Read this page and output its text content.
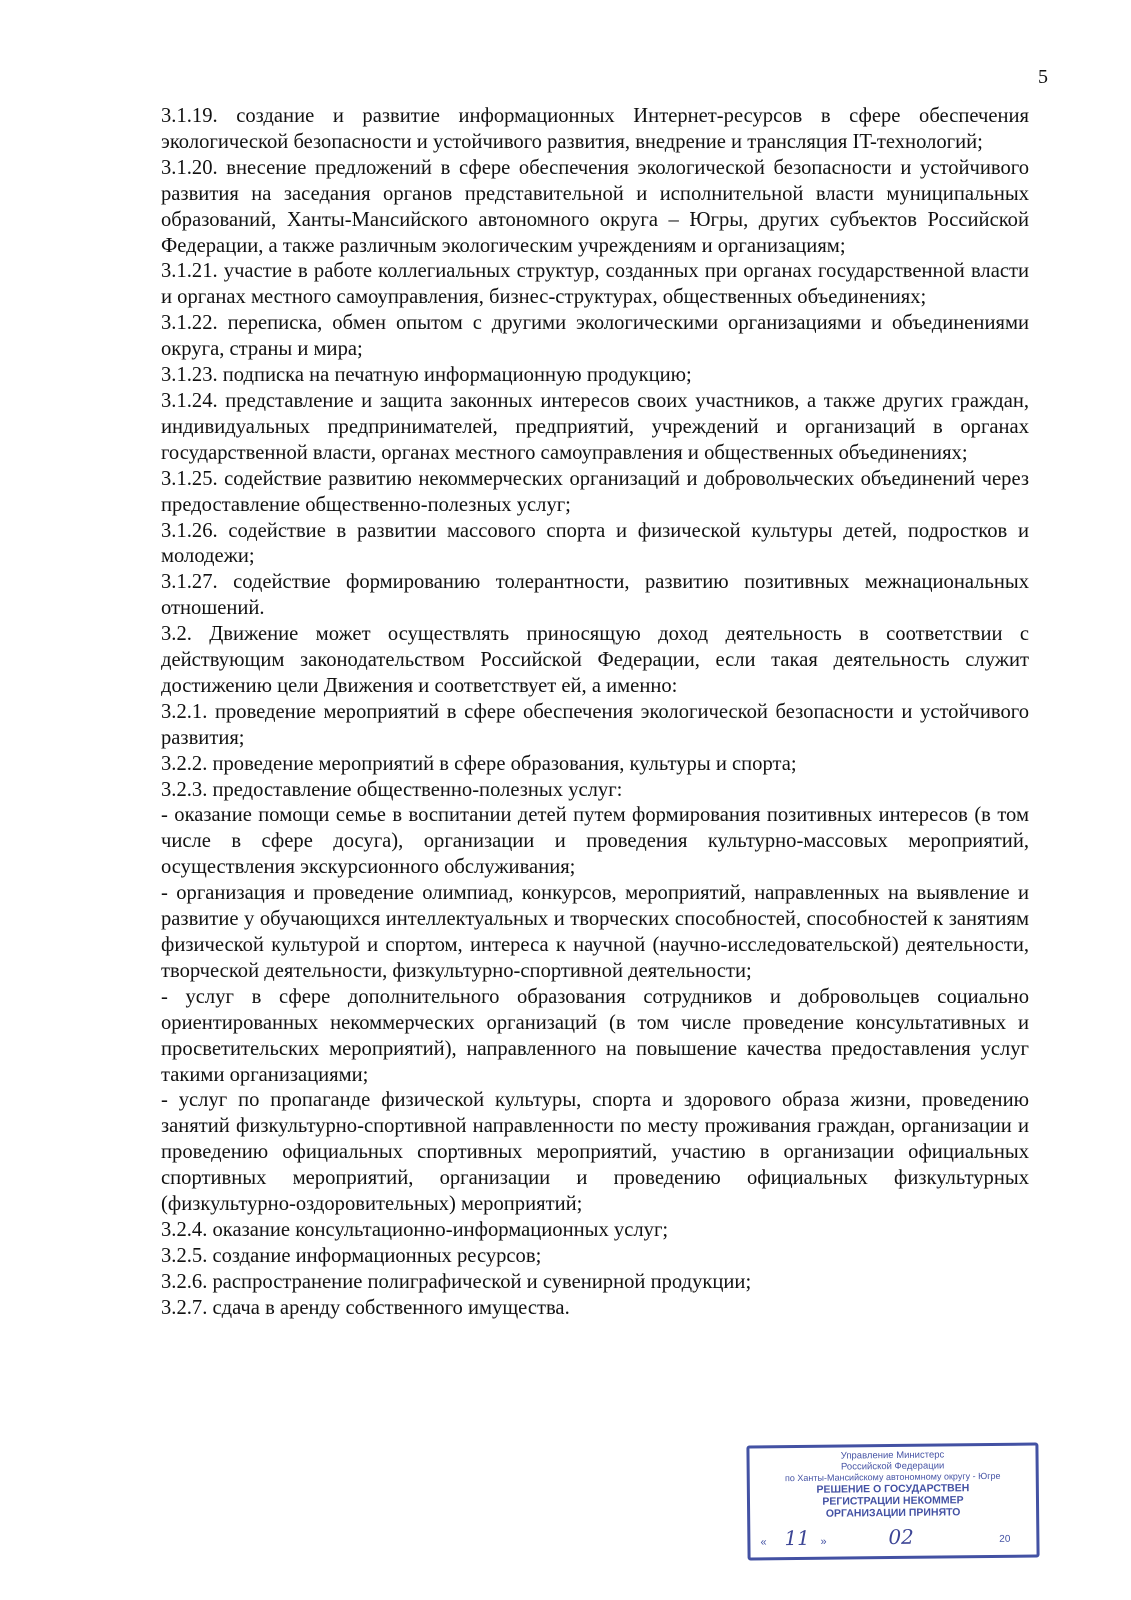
5

3.1.19. создание и развитие информационных Интернет-ресурсов в сфере обеспечения экологической безопасности и устойчивого развития, внедрение и трансляция IT-технологий;

3.1.20. внесение предложений в сфере обеспечения экологической безопасности и устойчивого развития на заседания органов представительной и исполнительной власти муниципальных образований, Ханты-Мансийского автономного округа – Югры, других субъектов Российской Федерации, а также различным экологическим учреждениям и организациям;

3.1.21. участие в работе коллегиальных структур, созданных при органах государственной власти и органах местного самоуправления, бизнес-структурах, общественных объединениях;

3.1.22. переписка, обмен опытом с другими экологическими организациями и объединениями округа, страны и мира;

3.1.23. подписка на печатную информационную продукцию;

3.1.24. представление и защита законных интересов своих участников, а также других граждан, индивидуальных предпринимателей, предприятий, учреждений и организаций в органах государственной власти, органах местного самоуправления и общественных объединениях;

3.1.25. содействие развитию некоммерческих организаций и добровольческих объединений через предоставление общественно-полезных услуг;

3.1.26. содействие в развитии массового спорта и физической культуры детей, подростков и молодежи;

3.1.27. содействие формированию толерантности, развитию позитивных межнациональных отношений.

3.2. Движение может осуществлять приносящую доход деятельность в соответствии с действующим законодательством Российской Федерации, если такая деятельность служит достижению цели Движения и соответствует ей, а именно:

3.2.1. проведение мероприятий в сфере обеспечения экологической безопасности и устойчивого развития;

3.2.2. проведение мероприятий в сфере образования, культуры и спорта;

3.2.3. предоставление общественно-полезных услуг:

- оказание помощи семье в воспитании детей путем формирования позитивных интересов (в том числе в сфере досуга), организации и проведения культурно-массовых мероприятий, осуществления экскурсионного обслуживания;

- организация и проведение олимпиад, конкурсов, мероприятий, направленных на выявление и развитие у обучающихся интеллектуальных и творческих способностей, способностей к занятиям физической культурой и спортом, интереса к научной (научно-исследовательской) деятельности, творческой деятельности, физкультурно-спортивной деятельности;

- услуг в сфере дополнительного образования сотрудников и добровольцев социально ориентированных некоммерческих организаций (в том числе проведение консультативных и просветительских мероприятий), направленного на повышение качества предоставления услуг такими организациями;

- услуг по пропаганде физической культуры, спорта и здорового образа жизни, проведению занятий физкультурно-спортивной направленности по месту проживания граждан, организации и проведению официальных спортивных мероприятий, участию в организации официальных спортивных мероприятий, организации и проведению официальных физкультурных (физкультурно-оздоровительных) мероприятий;

3.2.4. оказание консультационно-информационных услуг;

3.2.5. создание информационных ресурсов;

3.2.6. распространение полиграфической и сувенирной продукции;

3.2.7. сдача в аренду собственного имущества.

Управление Министерс
Российской Федерации
по Ханты-Мансийскому автономному округу - Югре
РЕШЕНИЕ О ГОСУДАРСТВЕН
РЕГИСТРАЦИИ НЕКОММЕР
ОРГАНИЗАЦИИ ПРИНЯТО
« 11 »	02	20
